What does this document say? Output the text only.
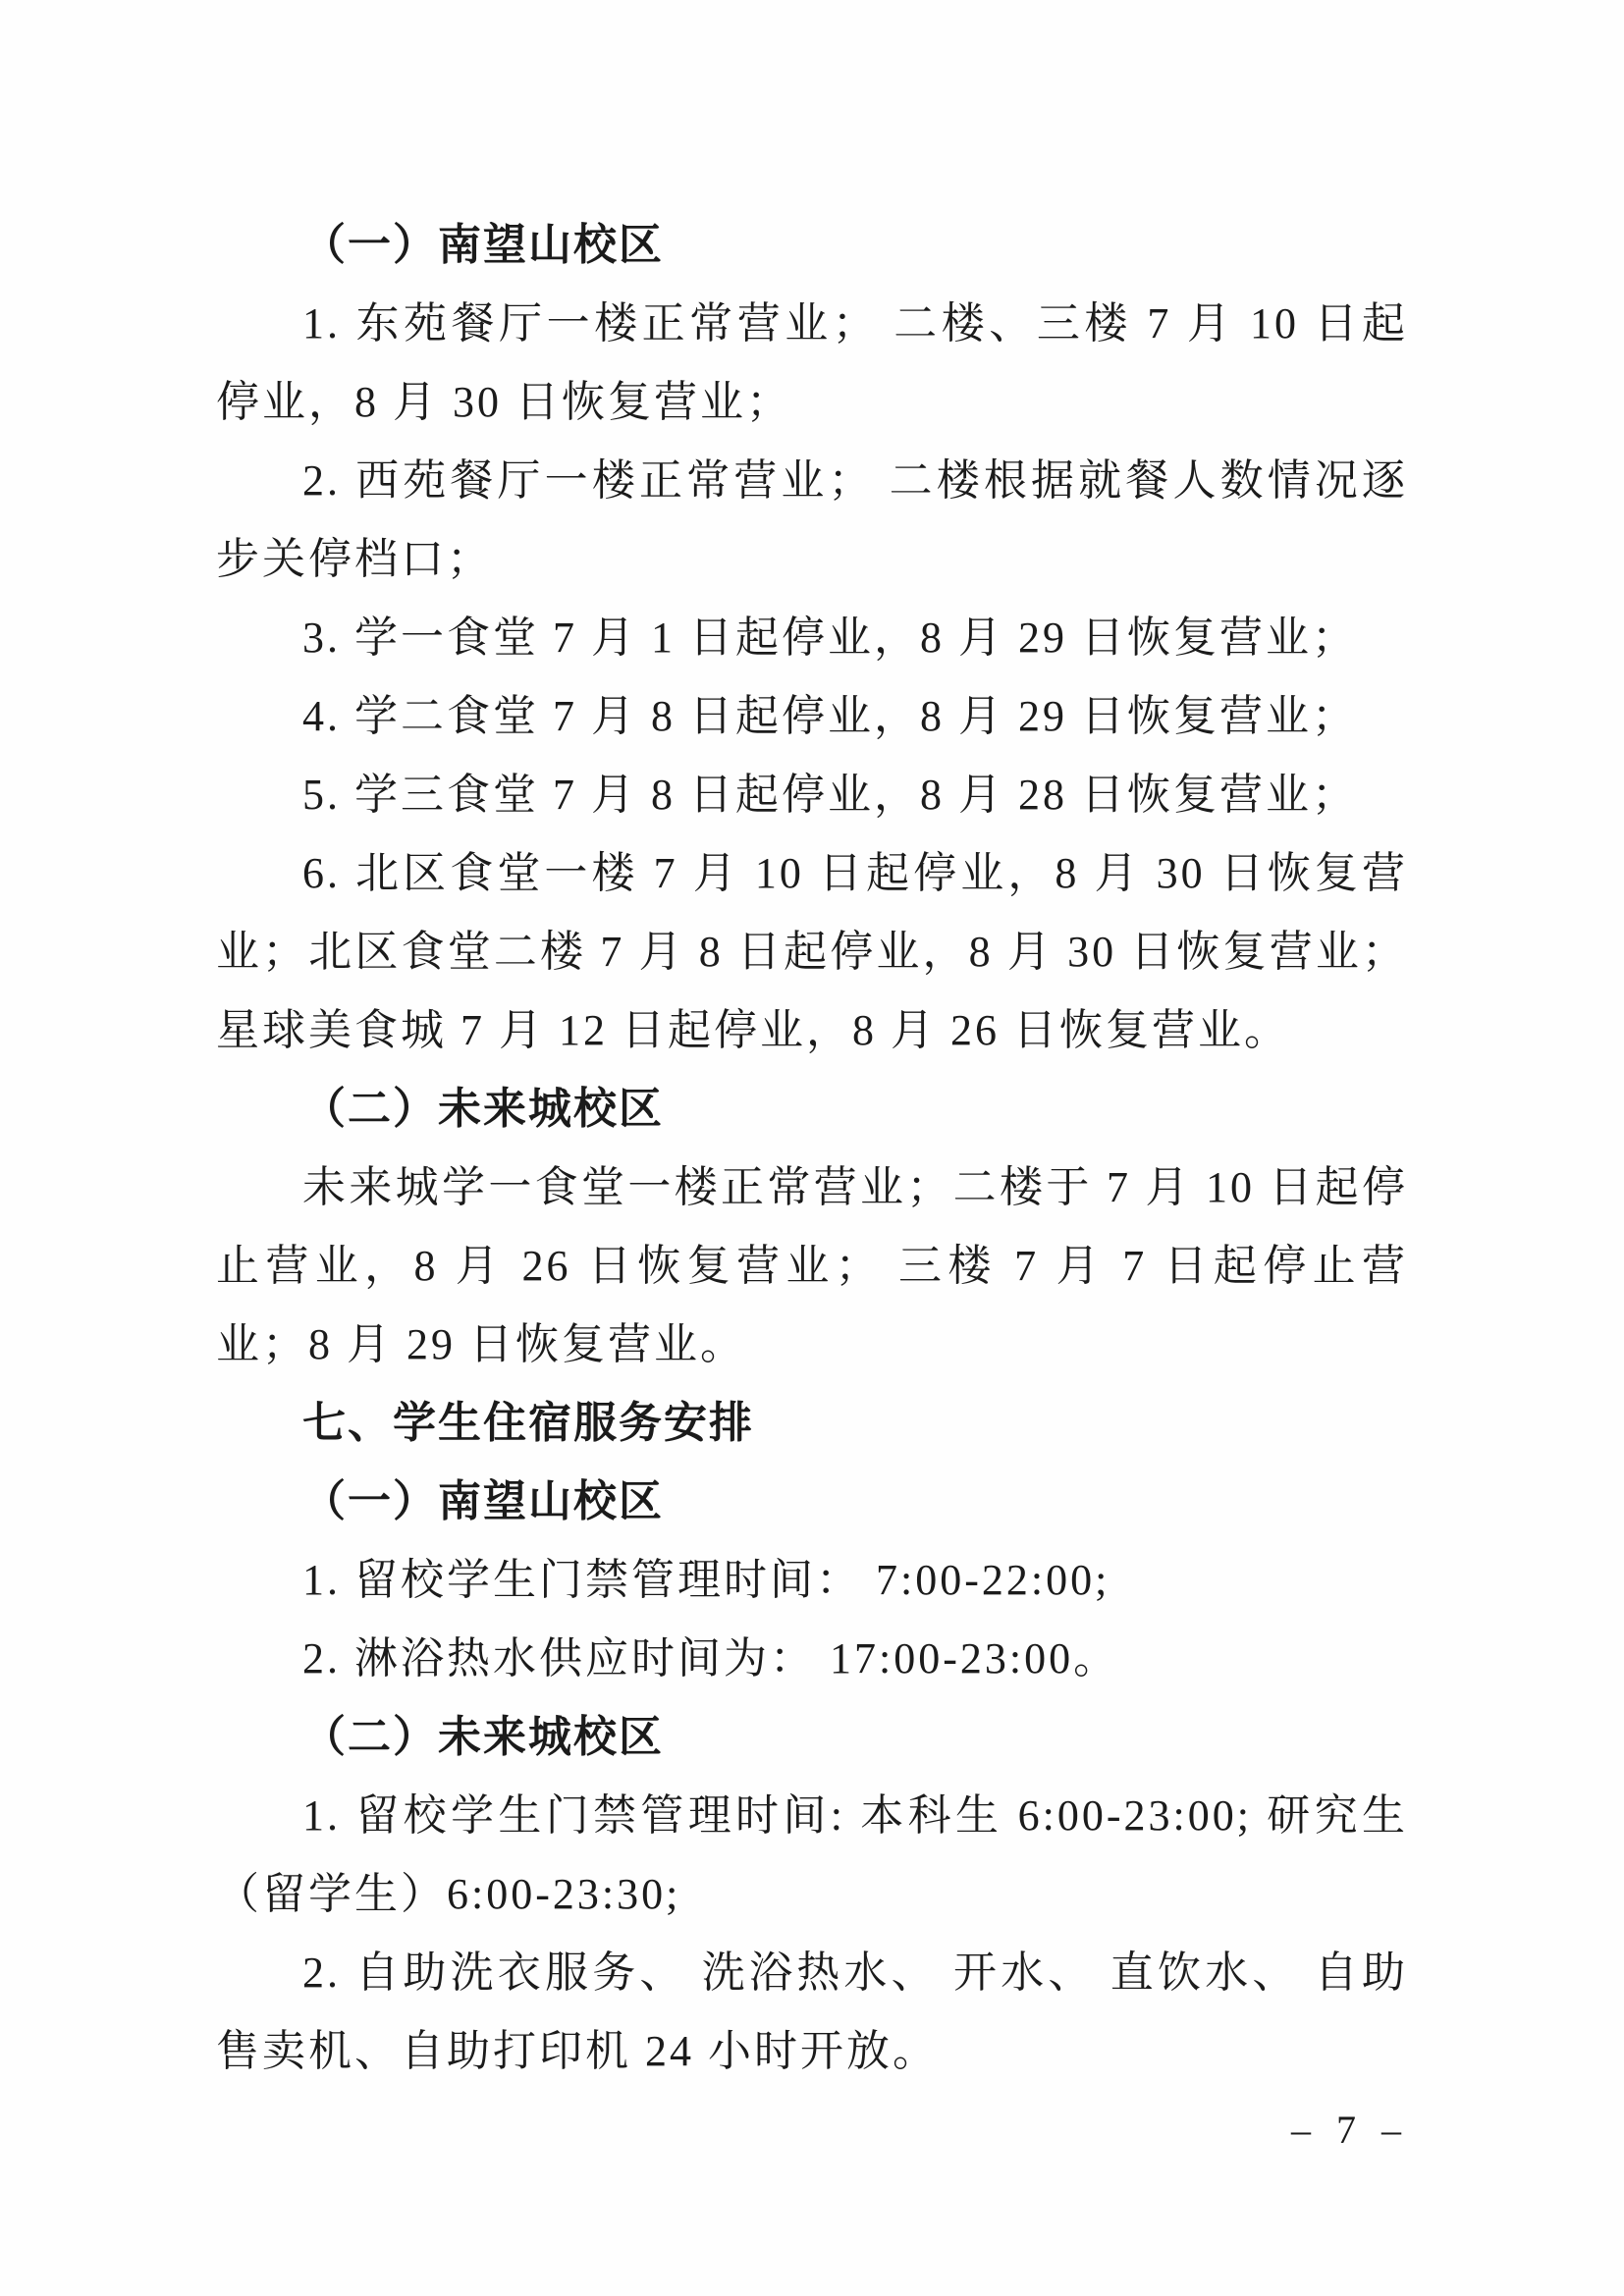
（一）南望山校区

1. 东苑餐厅一楼正常营业； 二楼、三楼 7 月 10 日起停业，8 月 30 日恢复营业；

2. 西苑餐厅一楼正常营业； 二楼根据就餐人数情况逐步关停档口；

3. 学一食堂 7 月 1 日起停业，8 月 29 日恢复营业；

4. 学二食堂 7 月 8 日起停业，8 月 29 日恢复营业；

5. 学三食堂 7 月 8 日起停业，8 月 28 日恢复营业；

6. 北区食堂一楼 7 月 10 日起停业，8 月 30 日恢复营业；北区食堂二楼 7 月 8 日起停业，8 月 30 日恢复营业； 星球美食城 7 月 12 日起停业，8 月 26 日恢复营业。

（二）未来城校区

未来城学一食堂一楼正常营业；二楼于 7 月 10 日起停止营业，8 月 26 日恢复营业； 三楼 7 月 7 日起停止营业；8 月 29 日恢复营业。

七、学生住宿服务安排

（一）南望山校区

1. 留校学生门禁管理时间： 7:00-22:00;

2. 淋浴热水供应时间为： 17:00-23:00。

（二）未来城校区

1. 留校学生门禁管理时间: 本科生 6:00-23:00; 研究生（留学生）6:00-23:30;

2. 自助洗衣服务、 洗浴热水、 开水、 直饮水、 自助售卖机、自助打印机 24 小时开放。

– 7 –
